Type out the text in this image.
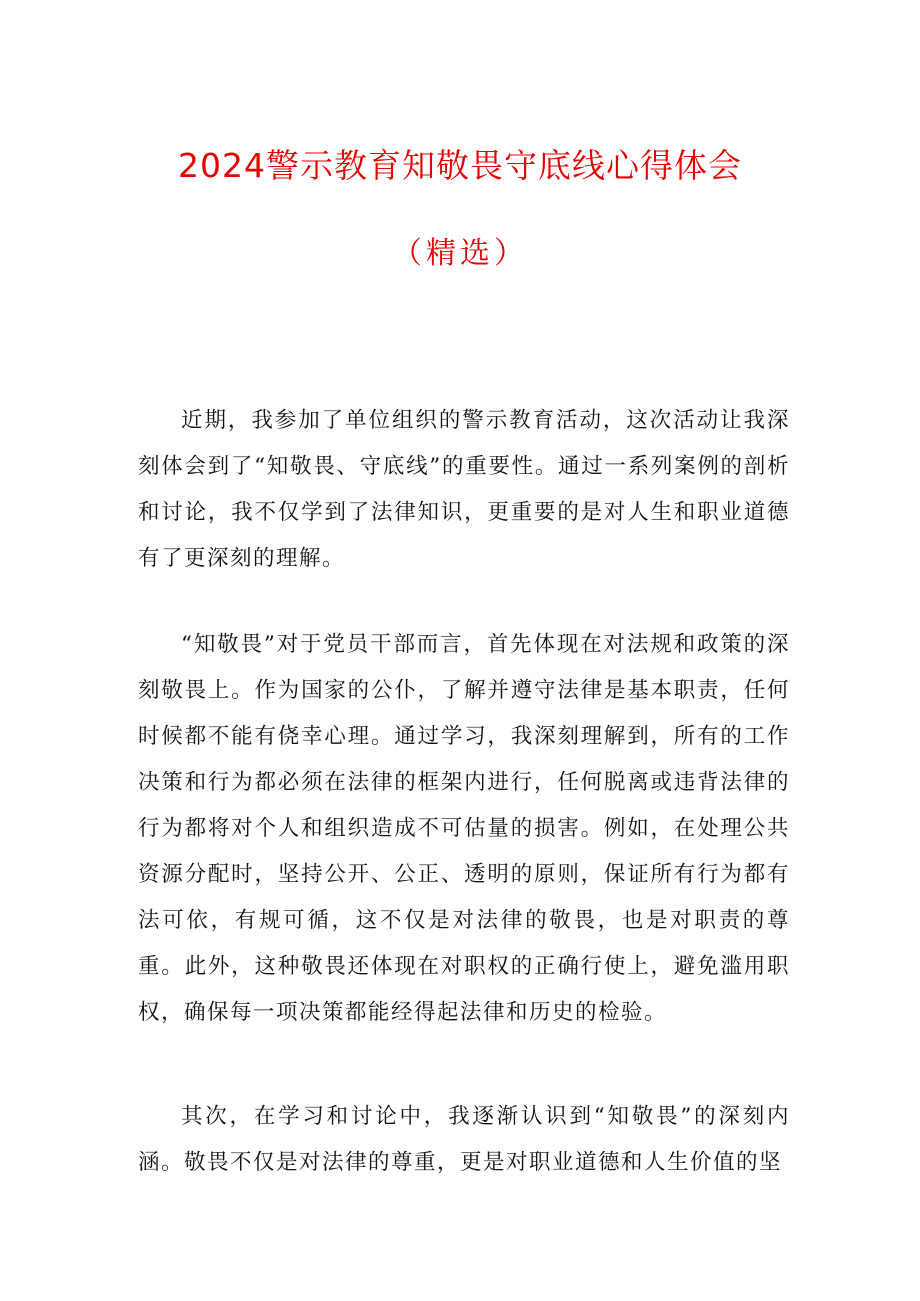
2024警示教育知敬畏守底线心得体会
（精选）

近期，我参加了单位组织的警示教育活动，这次活动让我深刻体会到了“知敬畏、守底线”的重要性。通过一系列案例的剖析和讨论，我不仅学到了法律知识，更重要的是对人生和职业道德有了更深刻的理解。

“知敬畏”对于党员干部而言，首先体现在对法规和政策的深刻敬畏上。作为国家的公仆，了解并遵守法律是基本职责，任何时候都不能有侥幸心理。通过学习，我深刻理解到，所有的工作决策和行为都必须在法律的框架内进行，任何脱离或违背法律的行为都将对个人和组织造成不可估量的损害。例如，在处理公共资源分配时，坚持公开、公正、透明的原则，保证所有行为都有法可依，有规可循，这不仅是对法律的敬畏，也是对职责的尊重。此外，这种敬畏还体现在对职权的正确行使上，避免滥用职权，确保每一项决策都能经得起法律和历史的检验。

其次，在学习和讨论中，我逐渐认识到“知敬畏”的深刻内涵。敬畏不仅是对法律的尊重，更是对职业道德和人生价值的坚
